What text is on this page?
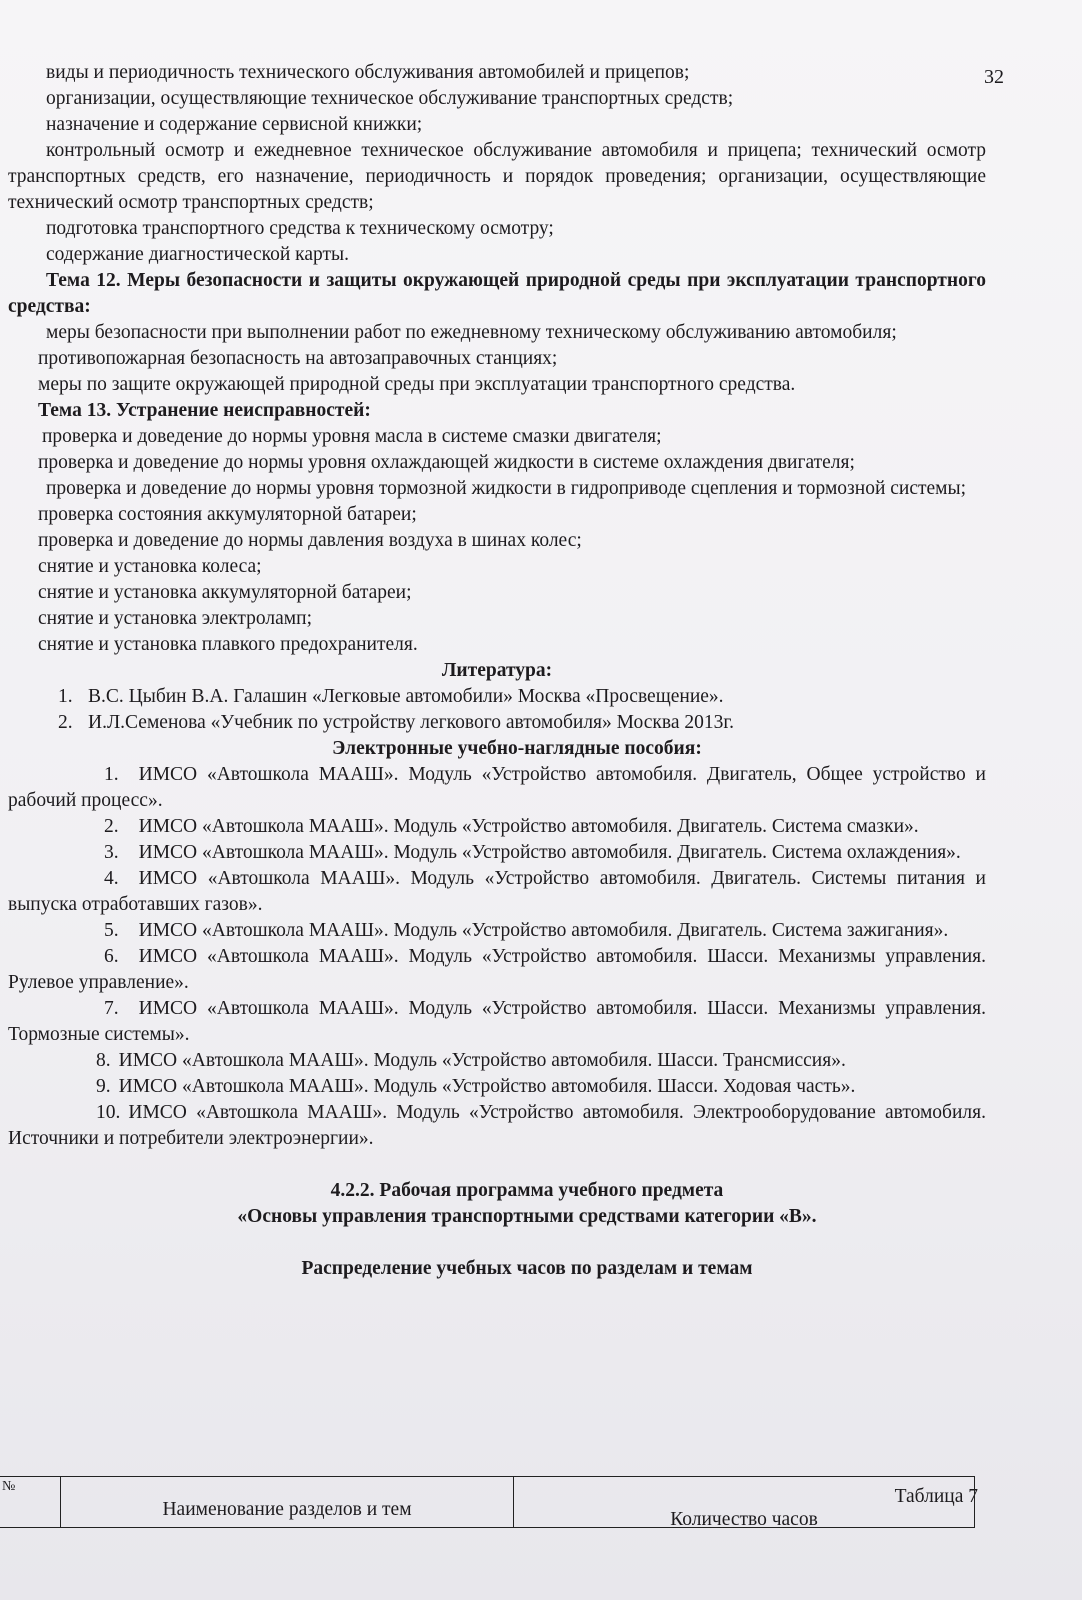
32

виды и периодичность технического обслуживания автомобилей и прицепов;

организации, осуществляющие техническое обслуживание транспортных средств;

назначение и содержание сервисной книжки;

контрольный осмотр и ежедневное техническое обслуживание автомобиля и прицепа; технический осмотр транспортных средств, его назначение, периодичность и порядок проведения; организации, осуществляющие технический осмотр транспортных средств;

подготовка транспортного средства к техническому осмотру;

содержание диагностической карты.

Тема 12. Меры безопасности и защиты окружающей природной среды при эксплуатации транспортного средства:

меры безопасности при выполнении работ по ежедневному техническому обслуживанию автомобиля;

противопожарная безопасность на автозаправочных станциях;

меры по защите окружающей природной среды при эксплуатации транспортного средства.

Тема 13. Устранение неисправностей:

проверка и доведение до нормы уровня масла в системе смазки двигателя;

проверка и доведение до нормы уровня охлаждающей жидкости в системе охлаждения двигателя;

проверка и доведение до нормы уровня тормозной жидкости в гидроприводе сцепления и тормозной системы;

проверка состояния аккумуляторной батареи;

проверка и доведение до нормы давления воздуха в шинах колес;

снятие и установка колеса;

снятие и установка аккумуляторной батареи;

снятие и установка электроламп;

снятие и установка плавкого предохранителя.

Литература:

1. В.С. Цыбин В.А. Галашин «Легковые автомобили» Москва «Просвещение».
2. И.Л.Семенова «Учебник по устройству легкового автомобиля» Москва 2013г.

Электронные учебно-наглядные пособия:

1. ИМСО «Автошкола МААШ». Модуль «Устройство автомобиля. Двигатель, Общее устройство и рабочий процесс».
2. ИМСО «Автошкола МААШ». Модуль «Устройство автомобиля. Двигатель. Система смазки».
3. ИМСО «Автошкола МААШ». Модуль «Устройство автомобиля. Двигатель. Система охлаждения».
4. ИМСО «Автошкола МААШ». Модуль «Устройство автомобиля. Двигатель. Системы питания и выпуска отработавших газов».
5. ИМСО «Автошкола МААШ». Модуль «Устройство автомобиля. Двигатель. Система зажигания».
6. ИМСО «Автошкола МААШ». Модуль «Устройство автомобиля. Шасси. Механизмы управления. Рулевое управление».
7. ИМСО «Автошкола МААШ». Модуль «Устройство автомобиля. Шасси. Механизмы управления. Тормозные системы».
8. ИМСО «Автошкола МААШ». Модуль «Устройство автомобиля. Шасси. Трансмиссия».
9. ИМСО «Автошкола МААШ». Модуль «Устройство автомобиля. Шасси. Ходовая часть».
10. ИМСО «Автошкола МААШ». Модуль «Устройство автомобиля. Электрооборудование автомобиля. Источники и потребители электроэнергии».

4.2.2. Рабочая программа учебного предмета

«Основы управления транспортными средствами категории «В».

Распределение учебных часов по разделам и темам

Таблица 7
№
Наименование разделов и тем	Количество часов
